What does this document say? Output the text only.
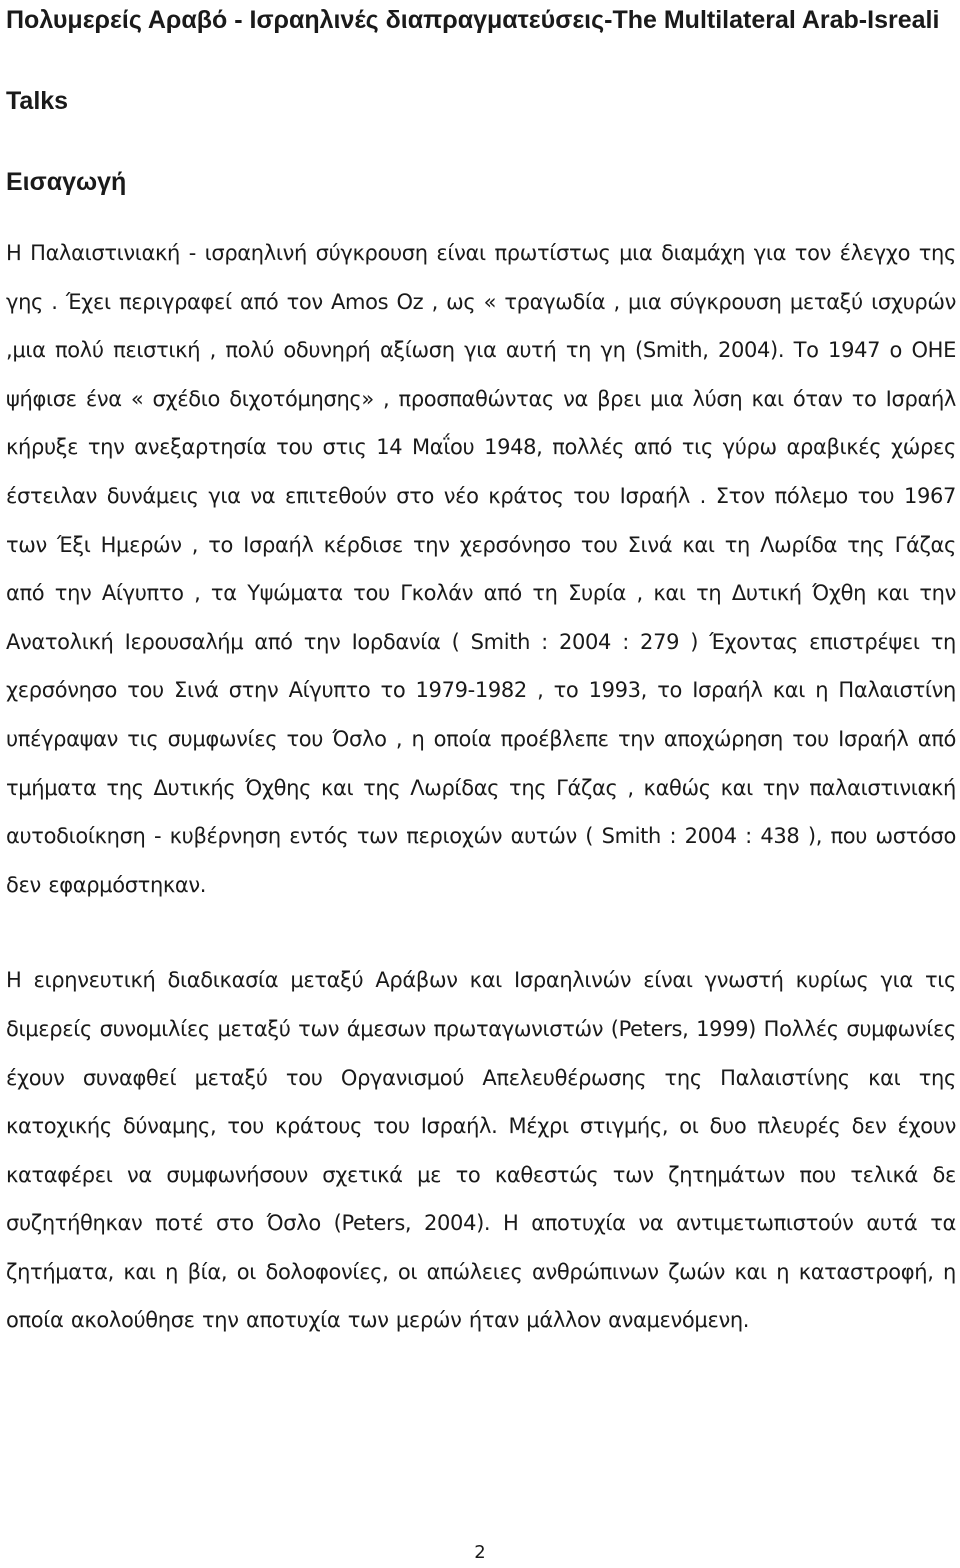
Πολυμερείς Αραβό - Ισραηλινές διαπραγματεύσεις-The Multilateral Arab-Isreali Talks
Εισαγωγή

Η Παλαιστινιακή - ισραηλινή σύγκρουση είναι πρωτίστως μια διαμάχη για τον έλεγχο της γης . Έχει περιγραφεί από τον Amos Oz , ως « τραγωδία , μια σύγκρουση μεταξύ ισχυρών ,μια πολύ πειστική , πολύ οδυνηρή αξίωση για αυτή τη γη (Smith, 2004). Το 1947 ο ΟΗΕ ψήφισε ένα « σχέδιο διχοτόμησης» , προσπαθώντας να βρει μια λύση και όταν το Ισραήλ κήρυξε την ανεξαρτησία του στις 14 Μαΐου 1948, πολλές από τις γύρω αραβικές χώρες έστειλαν δυνάμεις για να επιτεθούν στο νέο κράτος του Ισραήλ . Στον πόλεμο του 1967 των Έξι Ημερών , το Ισραήλ κέρδισε την χερσόνησο του Σινά και τη Λωρίδα της Γάζας από την Αίγυπτο , τα Υψώματα του Γκολάν από τη Συρία , και τη Δυτική Όχθη και την Ανατολική Ιερουσαλήμ από την Ιορδανία ( Smith : 2004 : 279 ) Έχοντας επιστρέψει τη χερσόνησο του Σινά στην Αίγυπτο το 1979-1982 , το 1993, το Ισραήλ και η Παλαιστίνη υπέγραψαν τις συμφωνίες του Όσλο , η οποία προέβλεπε την αποχώρηση του Ισραήλ από τμήματα της Δυτικής Όχθης και της Λωρίδας της Γάζας , καθώς και την παλαιστινιακή αυτοδιοίκηση - κυβέρνηση εντός των περιοχών αυτών ( Smith : 2004 : 438 ), που ωστόσο δεν εφαρμόστηκαν.

Η ειρηνευτική διαδικασία μεταξύ Αράβων και Ισραηλινών είναι γνωστή κυρίως για τις διμερείς συνομιλίες μεταξύ των άμεσων πρωταγωνιστών (Peters, 1999) Πολλές συμφωνίες έχουν συναφθεί μεταξύ του Οργανισμού Απελευθέρωσης της Παλαιστίνης και της κατοχικής δύναμης, του κράτους του Ισραήλ. Μέχρι στιγμής, οι δυο πλευρές δεν έχουν καταφέρει να συμφωνήσουν σχετικά με το καθεστώς των ζητημάτων που τελικά δε συζητήθηκαν ποτέ στο Όσλο (Peters, 2004). Η αποτυχία να αντιμετωπιστούν αυτά τα ζητήματα, και η βία, οι δολοφονίες, οι απώλειες ανθρώπινων ζωών και η καταστροφή, η οποία ακολούθησε την αποτυχία των μερών ήταν μάλλον αναμενόμενη.

2
